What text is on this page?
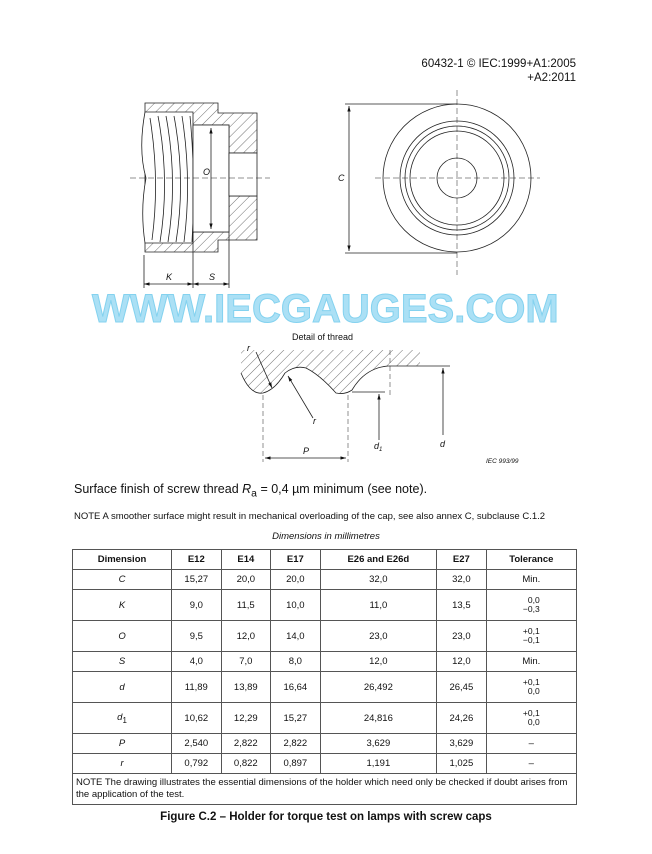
60432-1 © IEC:1999+A1:2005
+A2:2011
O
C
K	S
r
r
P	$d_1$
d
Detail of thread
IEC 993/99
WWW.IECGAUGES.COM
Surface finish of screw thread $R_a = 0,4$ µm minimum (see note).
NOTE A smoother surface might result in mechanical overloading of the cap, see also annex C, subclause C.1.2
Dimensions in millimetres
Dimension	E12	E14	E17	E26 and E26d	E27	Tolerance
C	15,27	20,0	20,0	32,0	32,0	Min.

K	9,0	11,5	10,0	11,0	13,5	0,0
−0,3

O	9,5	12,0	14,0	23,0	23,0	+0,1
−0,1

S	4,0	7,0	8,0	12,0	12,0	Min.

d	11,89	13,89	16,64	26,492	26,45	+0,1
0,0

$d_1$	10,62	12,29	15,27	24,816	24,26	+0,1
0,0

P	2,540	2,822	2,822	3,629	3,629	–

r	0,792	0,822	0,897	1,191	1,025	–

NOTE The drawing illustrates the essential dimensions of the holder which need only be checked if doubt arises from the application of the test.						
Figure C.2 – Holder for torque test on lamps with screw caps
